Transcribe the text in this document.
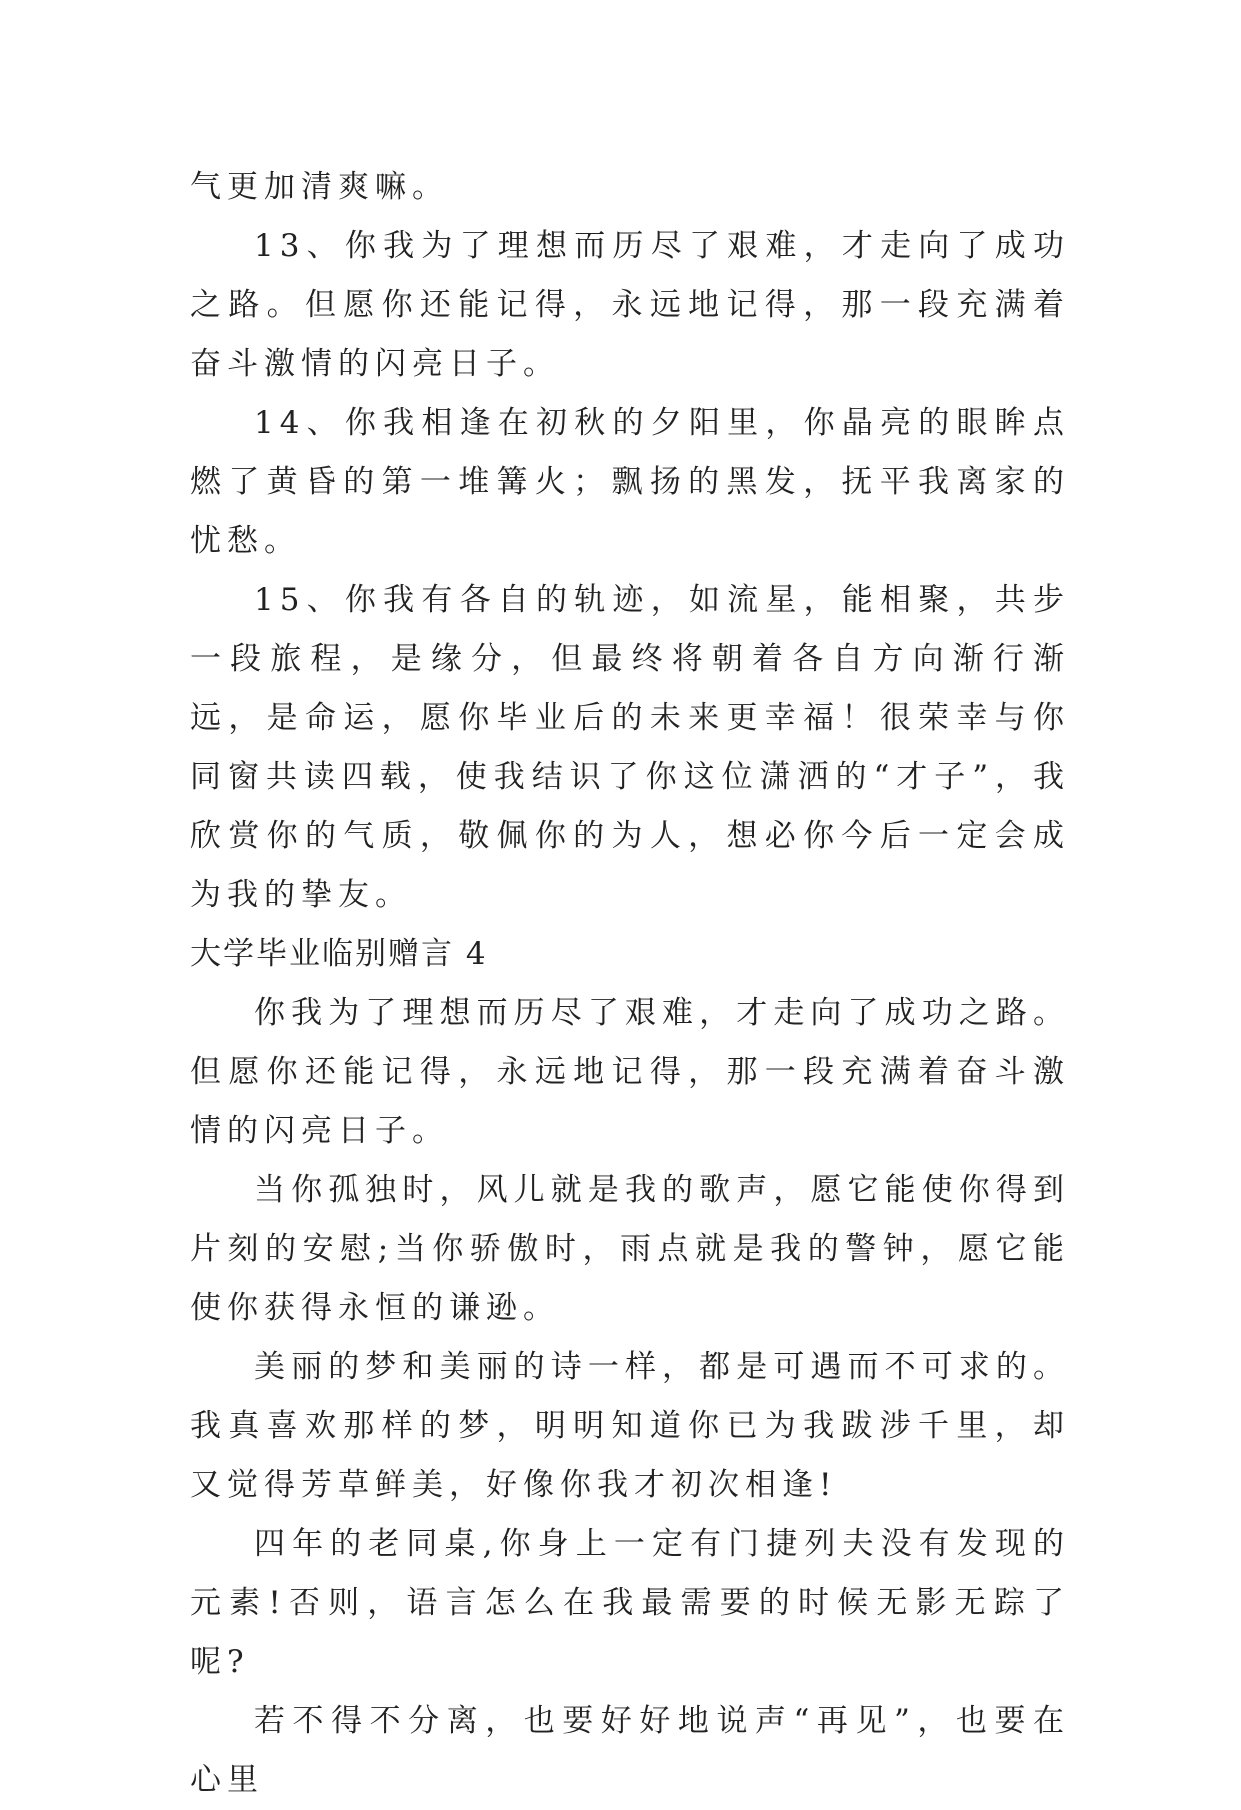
气更加清爽嘛。

13、你我为了理想而历尽了艰难，才走向了成功之路。但愿你还能记得，永远地记得，那一段充满着奋斗激情的闪亮日子。

14、你我相逢在初秋的夕阳里，你晶亮的眼眸点燃了黄昏的第一堆篝火；飘扬的黑发，抚平我离家的忧愁。

15、你我有各自的轨迹，如流星，能相聚，共步一段旅程，是缘分，但最终将朝着各自方向渐行渐远，是命运，愿你毕业后的未来更幸福！很荣幸与你同窗共读四载，使我结识了你这位潇洒的“才子”，我欣赏你的气质，敬佩你的为人，想必你今后一定会成为我的挚友。

大学毕业临别赠言 4

你我为了理想而历尽了艰难，才走向了成功之路。但愿你还能记得，永远地记得，那一段充满着奋斗激情的闪亮日子。

当你孤独时，风儿就是我的歌声，愿它能使你得到片刻的安慰;当你骄傲时，雨点就是我的警钟，愿它能使你获得永恒的谦逊。

美丽的梦和美丽的诗一样，都是可遇而不可求的。我真喜欢那样的梦，明明知道你已为我跋涉千里，却又觉得芳草鲜美，好像你我才初次相逢!

四年的老同桌,你身上一定有门捷列夫没有发现的元素!否则，语言怎么在我最需要的时候无影无踪了呢?

若不得不分离，也要好好地说声“再见”，也要在心里
